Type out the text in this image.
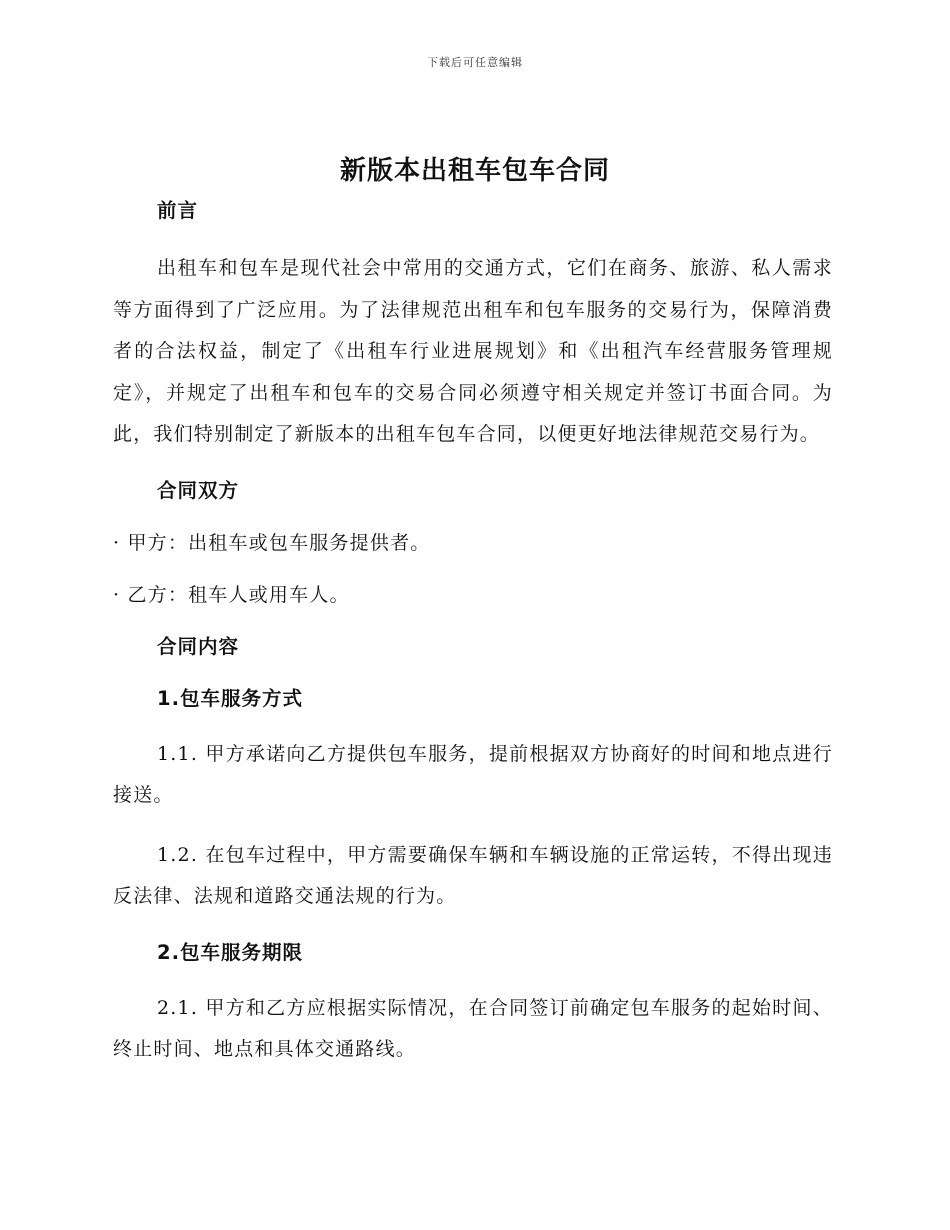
下载后可任意编辑
新版本出租车包车合同
前言

出租车和包车是现代社会中常用的交通方式，它们在商务、旅游、私人需求等方面得到了广泛应用。为了法律规范出租车和包车服务的交易行为，保障消费者的合法权益，制定了《出租车行业进展规划》和《出租汽车经营服务管理规定》，并规定了出租车和包车的交易合同必须遵守相关规定并签订书面合同。为此，我们特别制定了新版本的出租车包车合同，以便更好地法律规范交易行为。

合同双方

· 甲方：出租车或包车服务提供者。

· 乙方：租车人或用车人。

合同内容
1.包车服务方式

1.1. 甲方承诺向乙方提供包车服务，提前根据双方协商好的时间和地点进行接送。

1.2. 在包车过程中，甲方需要确保车辆和车辆设施的正常运转，不得出现违反法律、法规和道路交通法规的行为。

2.包车服务期限

2.1. 甲方和乙方应根据实际情况，在合同签订前确定包车服务的起始时间、终止时间、地点和具体交通路线。
